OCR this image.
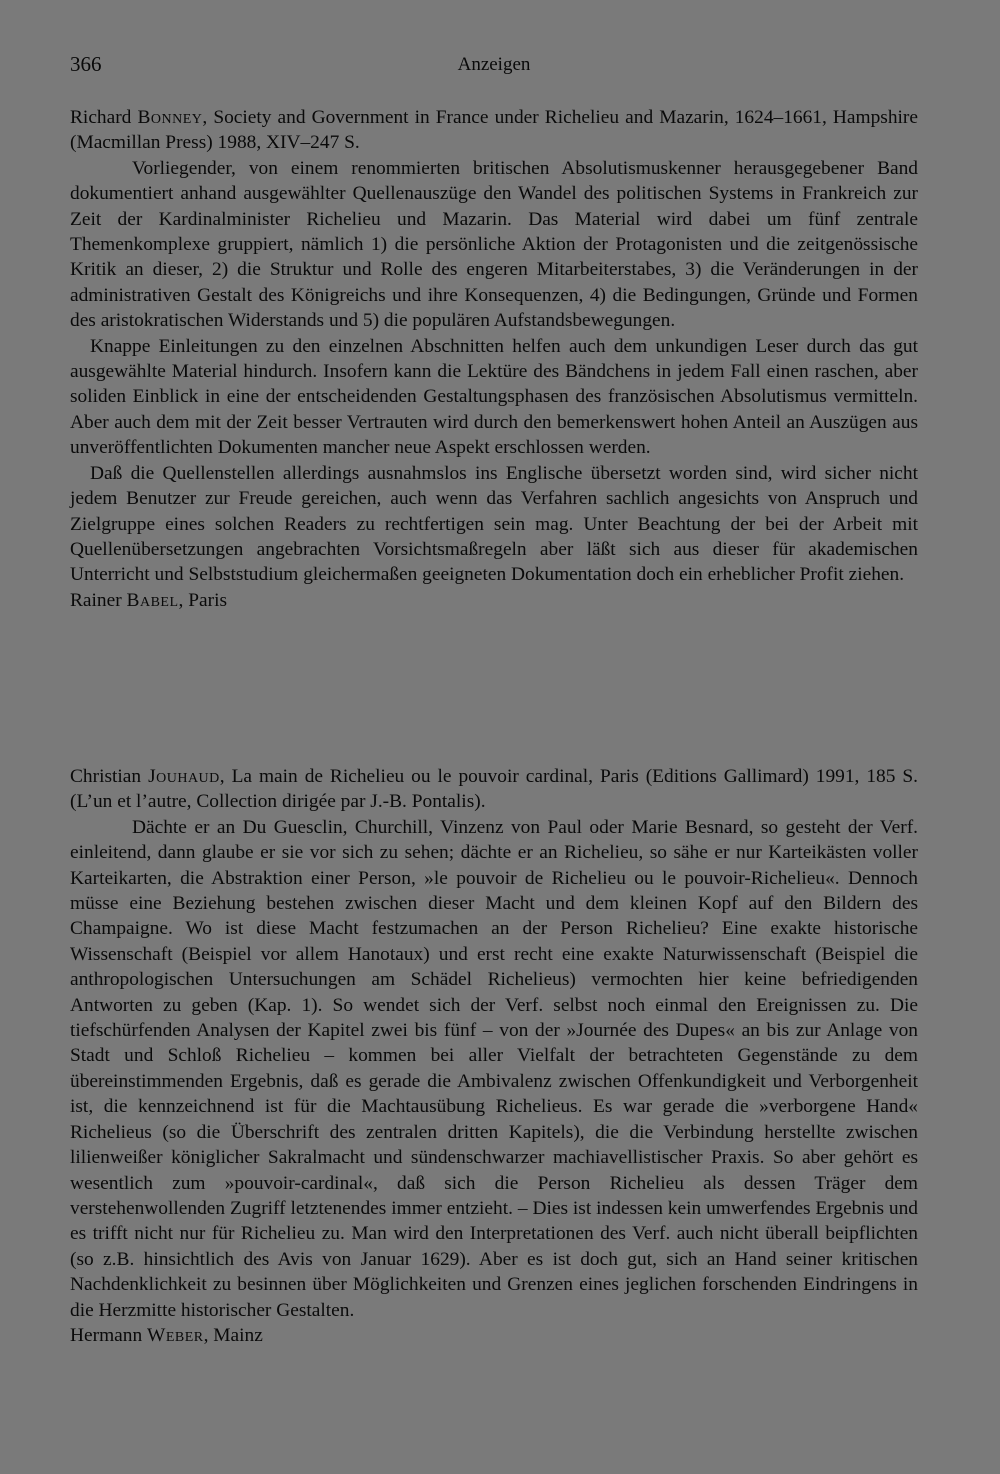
366	Anzeigen

Richard Bonney, Society and Government in France under Richelieu and Mazarin, 1624–1661, Hampshire (Macmillan Press) 1988, XIV–247 S.

Vorliegender, von einem renommierten britischen Absolutismuskenner herausgegebener Band dokumentiert anhand ausgewählter Quellenauszüge den Wandel des politischen Systems in Frankreich zur Zeit der Kardinalminister Richelieu und Mazarin. Das Material wird dabei um fünf zentrale Themenkomplexe gruppiert, nämlich 1) die persönliche Aktion der Protagonisten und die zeitgenössische Kritik an dieser, 2) die Struktur und Rolle des engeren Mitarbeiterstabes, 3) die Veränderungen in der administrativen Gestalt des Königreichs und ihre Konsequenzen, 4) die Bedingungen, Gründe und Formen des aristokratischen Widerstands und 5) die populären Aufstandsbewegungen.

Knappe Einleitungen zu den einzelnen Abschnitten helfen auch dem unkundigen Leser durch das gut ausgewählte Material hindurch. Insofern kann die Lektüre des Bändchens in jedem Fall einen raschen, aber soliden Einblick in eine der entscheidenden Gestaltungsphasen des französischen Absolutismus vermitteln. Aber auch dem mit der Zeit besser Vertrauten wird durch den bemerkenswert hohen Anteil an Auszügen aus unveröffentlichten Dokumenten mancher neue Aspekt erschlossen werden.

Daß die Quellenstellen allerdings ausnahmslos ins Englische übersetzt worden sind, wird sicher nicht jedem Benutzer zur Freude gereichen, auch wenn das Verfahren sachlich angesichts von Anspruch und Zielgruppe eines solchen Readers zu rechtfertigen sein mag. Unter Beachtung der bei der Arbeit mit Quellenübersetzungen angebrachten Vorsichtsmaßregeln aber läßt sich aus dieser für akademischen Unterricht und Selbststudium gleichermaßen geeigneten Dokumentation doch ein erheblicher Profit ziehen.

Rainer Babel, Paris

Christian Jouhaud, La main de Richelieu ou le pouvoir cardinal, Paris (Editions Gallimard) 1991, 185 S. (L’un et l’autre, Collection dirigée par J.-B. Pontalis).

Dächte er an Du Guesclin, Churchill, Vinzenz von Paul oder Marie Besnard, so gesteht der Verf. einleitend, dann glaube er sie vor sich zu sehen; dächte er an Richelieu, so sähe er nur Karteikästen voller Karteikarten, die Abstraktion einer Person, »le pouvoir de Richelieu ou le pouvoir-Richelieu«. Dennoch müsse eine Beziehung bestehen zwischen dieser Macht und dem kleinen Kopf auf den Bildern des Champaigne. Wo ist diese Macht festzumachen an der Person Richelieu? Eine exakte historische Wissenschaft (Beispiel vor allem Hanotaux) und erst recht eine exakte Naturwissenschaft (Beispiel die anthropologischen Untersuchungen am Schädel Richelieus) vermochten hier keine befriedigenden Antworten zu geben (Kap. 1). So wendet sich der Verf. selbst noch einmal den Ereignissen zu. Die tiefschürfenden Analysen der Kapitel zwei bis fünf – von der »Journée des Dupes« an bis zur Anlage von Stadt und Schloß Richelieu – kommen bei aller Vielfalt der betrachteten Gegenstände zu dem übereinstimmenden Ergebnis, daß es gerade die Ambivalenz zwischen Offenkundigkeit und Verborgenheit ist, die kennzeichnend ist für die Machtausübung Richelieus. Es war gerade die »verborgene Hand« Richelieus (so die Überschrift des zentralen dritten Kapitels), die die Verbindung herstellte zwischen lilienweißer königlicher Sakralmacht und sündenschwarzer machiavellistischer Praxis. So aber gehört es wesentlich zum »pouvoir-cardinal«, daß sich die Person Richelieu als dessen Träger dem verstehenwollenden Zugriff letztenendes immer entzieht. – Dies ist indessen kein umwerfendes Ergebnis und es trifft nicht nur für Richelieu zu. Man wird den Interpretationen des Verf. auch nicht überall beipflichten (so z.B. hinsichtlich des Avis von Januar 1629). Aber es ist doch gut, sich an Hand seiner kritischen Nachdenklichkeit zu besinnen über Möglichkeiten und Grenzen eines jeglichen forschenden Eindringens in die Herzmitte historischer Gestalten.

Hermann Weber, Mainz
